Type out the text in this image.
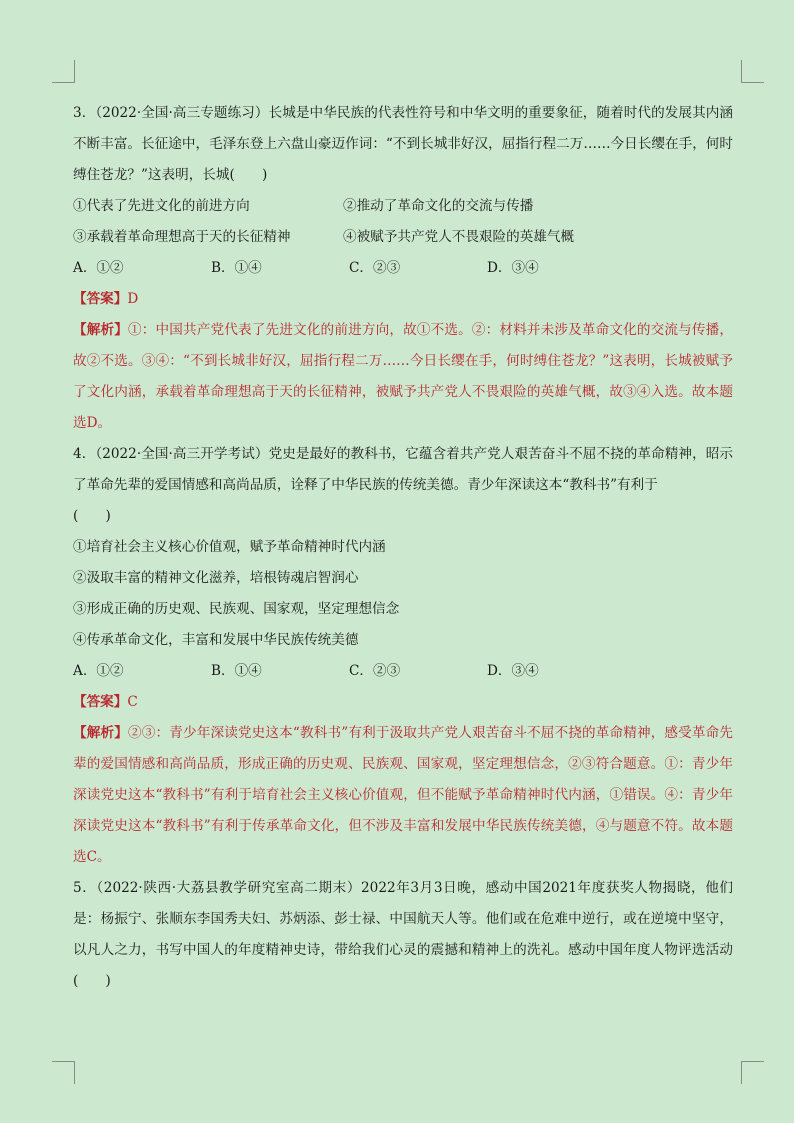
3．（2022·全国·高三专题练习）长城是中华民族的代表性符号和中华文明的重要象征，随着时代的发展其内涵不断丰富。长征途中，毛泽东登上六盘山豪迈作词：“不到长城非好汉，屈指行程二万……今日长缨在手，何时缚住苍龙？”这表明，长城(　　)

①代表了先进文化的前进方向	②推动了革命文化的交流与传播
③承载着革命理想高于天的长征精神	④被赋予共产党人不畏艰险的英雄气概
A．①②	B．①④	C．②③	D．③④

【答案】D

【解析】①：中国共产党代表了先进文化的前进方向，故①不选。②：材料并未涉及革命文化的交流与传播，故②不选。③④：“不到长城非好汉，屈指行程二万……今日长缨在手，何时缚住苍龙？”这表明，长城被赋予了文化内涵，承载着革命理想高于天的长征精神，被赋予共产党人不畏艰险的英雄气概，故③④入选。故本题选D。

4．（2022·全国·高三开学考试）党史是最好的教科书，它蕴含着共产党人艰苦奋斗不屈不挠的革命精神，昭示了革命先辈的爱国情感和高尚品质，诠释了中华民族的传统美德。青少年深读这本“教科书”有利于
(　　)

①培育社会主义核心价值观，赋予革命精神时代内涵

②汲取丰富的精神文化滋养，培根铸魂启智润心

③形成正确的历史观、民族观、国家观，坚定理想信念

④传承革命文化，丰富和发展中华民族传统美德

A．①②	B．①④	C．②③	D．③④

【答案】C

【解析】②③：青少年深读党史这本“教科书”有利于汲取共产党人艰苦奋斗不屈不挠的革命精神，感受革命先辈的爱国情感和高尚品质，形成正确的历史观、民族观、国家观，坚定理想信念，②③符合题意。①：青少年深读党史这本“教科书”有利于培育社会主义核心价值观，但不能赋予革命精神时代内涵，①错误。④：青少年深读党史这本“教科书”有利于传承革命文化，但不涉及丰富和发展中华民族传统美德，④与题意不符。故本题选C。

5．（2022·陕西·大荔县教学研究室高二期末）2022年3月3日晚，感动中国2021年度获奖人物揭晓，他们是：杨振宁、张顺东李国秀夫妇、苏炳添、彭士禄、中国航天人等。他们或在危难中逆行，或在逆境中坚守，以凡人之力，书写中国人的年度精神史诗，带给我们心灵的震撼和精神上的洗礼。感动中国年度人物评选活动(　　)
